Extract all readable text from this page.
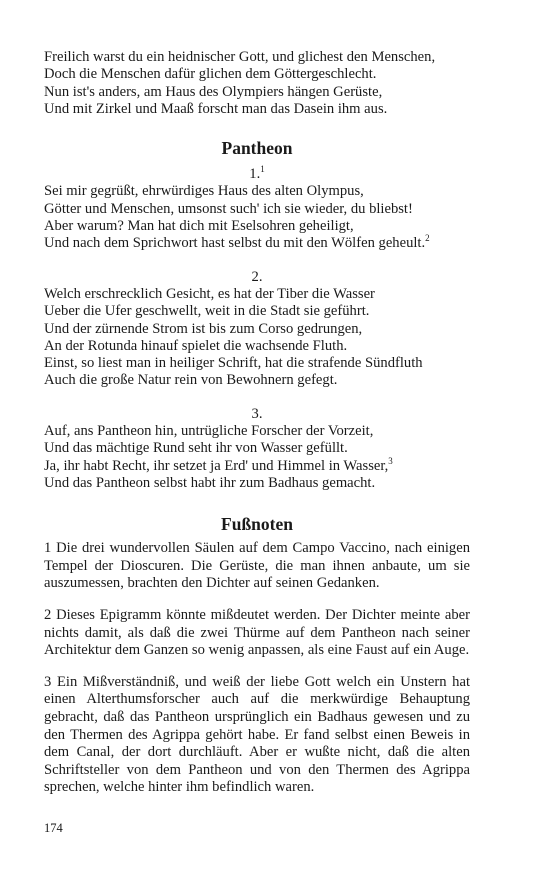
Freilich warst du ein heidnischer Gott, und glichest den Menschen,
Doch die Menschen dafür glichen dem Göttergeschlecht.
Nun ist's anders, am Haus des Olympiers hängen Gerüste,
Und mit Zirkel und Maaß forscht man das Dasein ihm aus.
Pantheon
1.$^1$
Sei mir gegrüßt, ehrwürdiges Haus des alten Olympus,
Götter und Menschen, umsonst such' ich sie wieder, du bliebst!
Aber warum? Man hat dich mit Eselsohren geheiligt,
Und nach dem Sprichwort hast selbst du mit den Wölfen geheult.$^2$
2.
Welch erschrecklich Gesicht, es hat der Tiber die Wasser
Ueber die Ufer geschwellt, weit in die Stadt sie geführt.
Und der zürnende Strom ist bis zum Corso gedrungen,
An der Rotunda hinauf spielet die wachsende Fluth.
Einst, so liest man in heiliger Schrift, hat die strafende Sündfluth
Auch die große Natur rein von Bewohnern gefegt.
3.
Auf, ans Pantheon hin, untrügliche Forscher der Vorzeit,
Und das mächtige Rund seht ihr von Wasser gefüllt.
Ja, ihr habt Recht, ihr setzet ja Erd' und Himmel in Wasser,$^3$
Und das Pantheon selbst habt ihr zum Badhaus gemacht.
Fußnoten
1 Die drei wundervollen Säulen auf dem Campo Vaccino, nach einigen Tempel der Dioscuren. Die Gerüste, die man ihnen anbaute, um sie auszumessen, brachten den Dichter auf seinen Gedanken.
2 Dieses Epigramm könnte mißdeutet werden. Der Dichter meinte aber nichts damit, als daß die zwei Thürme auf dem Pantheon nach seiner Architektur dem Ganzen so wenig anpassen, als eine Faust auf ein Auge.
3 Ein Mißverständniß, und weiß der liebe Gott welch ein Unstern hat einen Alterthumsforscher auch auf die merkwürdige Behauptung gebracht, daß das Pantheon ursprünglich ein Badhaus gewesen und zu den Thermen des Agrippa gehört habe. Er fand selbst einen Beweis in dem Canal, der dort durchläuft. Aber er wußte nicht, daß die alten Schriftsteller von dem Pantheon und von den Thermen des Agrippa sprechen, welche hinter ihm befindlich waren.
174
